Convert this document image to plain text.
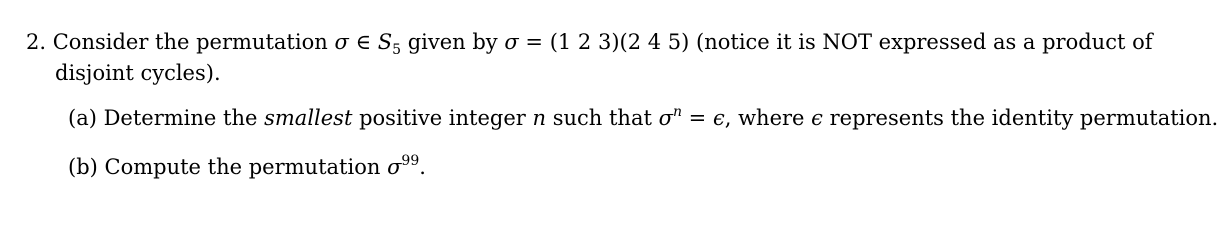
2. Consider the permutation σ ∈ $S_5$ given by σ = (1 2 3)(2 4 5) (notice it is NOT expressed as a product of
disjoint cycles).
(a) Determine the smallest positive integer n such that $\sigma^n = \epsilon$, where ϵ represents the identity permutation.
(b) Compute the permutation $\sigma^{99}$.
